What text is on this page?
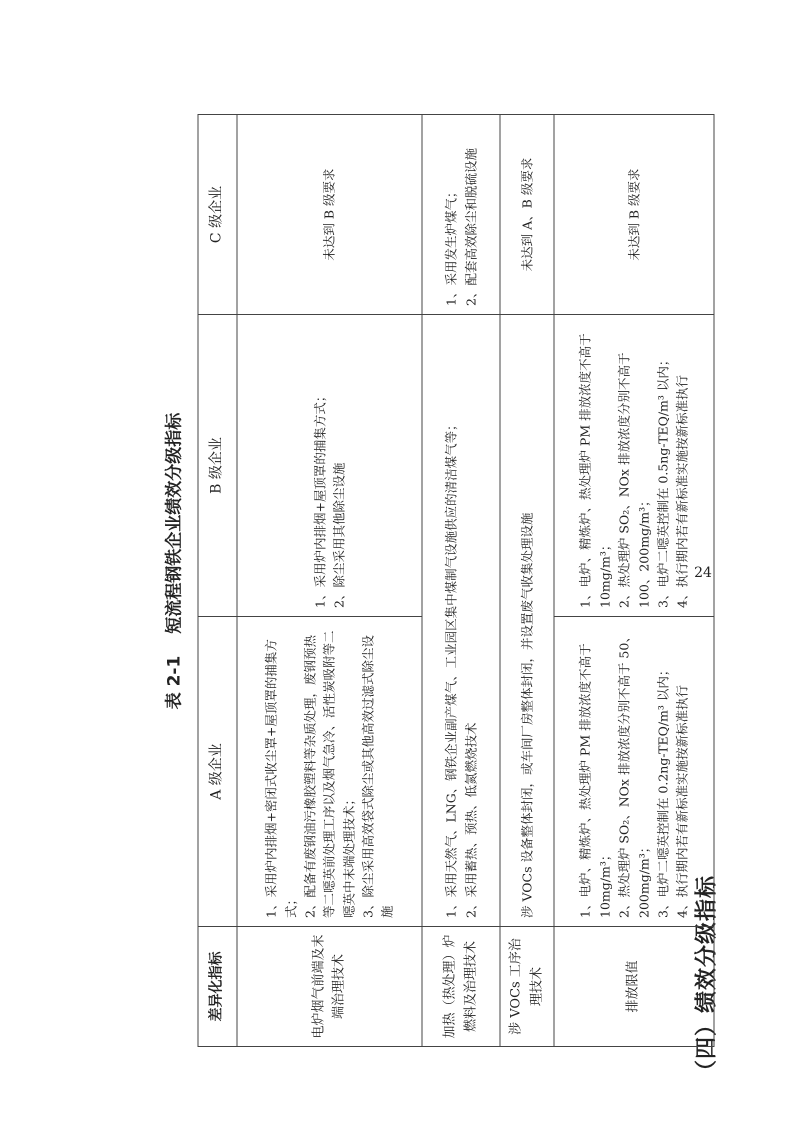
（四）绩效分级指标
表 2-1短流程钢铁企业绩效分级指标
差异化指标	A 级企业	B 级企业	C 级企业
电炉烟气前端及末端治理技术	1、采用炉内排烟+密闭式收尘罩+屋顶罩的捕集方式； 2、配备有废钢油污橡胶塑料等杂质处理，废钢预热等二噁英前处理工序以及烟气急冷、活性炭吸附等二噁英中末端处理技术； 3、除尘采用高效袋式除尘或其他高效过滤式除尘设施	1、采用炉内排烟+屋顶罩的捕集方式； 2、除尘采用其他除尘设施	未达到 B 级要求
加热（热处理）炉燃料及治理技术	1、采用天然气、LNG、钢铁企业副产煤气、工业园区集中煤制气设施供应的清洁煤气等； 2、采用蓄热、预热、低氮燃烧技术		1、采用发生炉煤气； 2、配套高效除尘和脱硫设施

涉 VOCs 工序治理技术	涉 VOCs 设备整体封闭，或车间厂房整体封闭，并设置废气收集处理设施		未达到 A、B 级要求
排放限值	1、电炉、精炼炉、热处理炉 PM 排放浓度不高于 10mg/m³； 2、热处理炉 SO₂、NOx 排放浓度分别不高于 50、200mg/m³； 3、电炉二噁英控制在 0.2ng-TEQ/m³ 以内； 4、执行期内若有新标准实施按新标准执行	1、电炉、精炼炉、热处理炉 PM 排放浓度不高于 10mg/m³； 2、热处理炉 SO₂、NOx 排放浓度分别不高于 100、200mg/m³； 3、电炉二噁英控制在 0.5ng-TEQ/m³ 以内； 4、执行期内若有新标准实施按新标准执行	未达到 B 级要求
24
